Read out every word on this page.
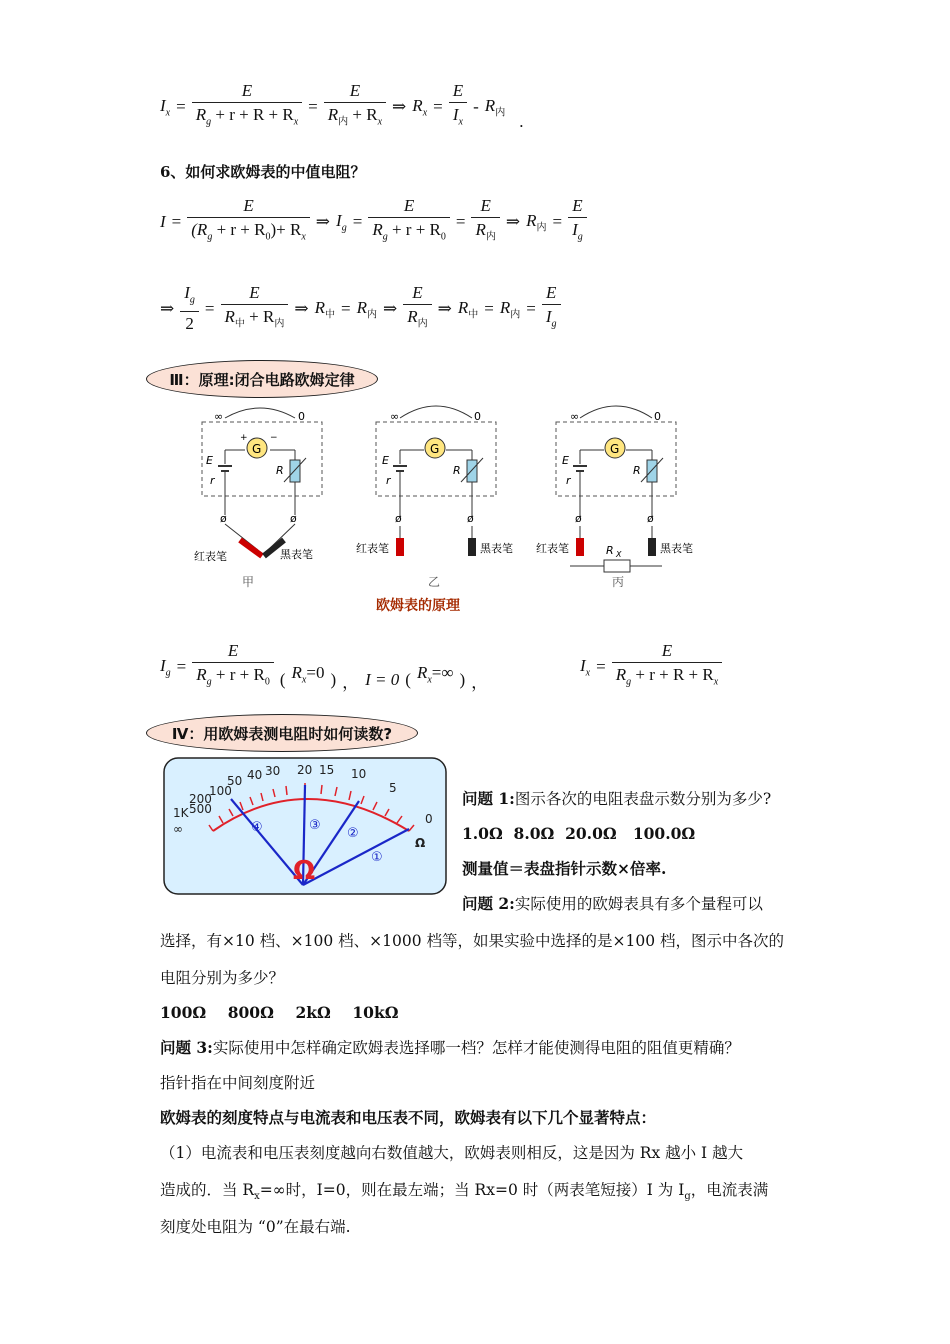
$I_x = \frac{E}{R_g + r + R + R_x} = \frac{E}{R_内 + R_x}$ ⇒ $R_x = \frac{E}{I_x} - R_内$ .
6、如何求欧姆表的中值电阻？
$I = \frac{E}{(R_g + r + R_0)+ R_x}$ ⇒ $I_g = \frac{E}{R_g + r + R_0} = \frac{E}{R_内}$ ⇒ $R_内 = \frac{E}{I_g}$
⇒ $\frac{I_g}{2} = \frac{E}{R_中 + R_内}$ ⇒ $R_中 = R_内$ ⇒ $\frac{E}{R_内}$ ⇒ $R_中 = R_内 = \frac{E}{I_g}$
Ⅲ：原理:闭合电路欧姆定律
∞	0
G
+ −
E
r
R
ø	ø
红表笔	黑表笔
甲
∞	0
G
E
r
R
ø	ø
红表笔	黑表笔
乙
∞	0
G
E
r
R
ø	ø
R X
红表笔	黑表笔
丙
欧姆表的原理
$I_g = \frac{E}{R_g + r + R_0}$ ( $R_x=0$ ) ， I = 0 ( $R_x=\infty$ ) ，
$I_x = \frac{E}{R_g + r + R + R_x}$
Ⅳ：用欧姆表测电阻时如何读数?
∞
1K 500
200
100
50 40 30 20 15 10
5
0
Ω
Ω	①
②
③
④
问题 1:图示各次的电阻表盘示数分别为多少?
1.0Ω  8.0Ω  20.0Ω   100.0Ω
测量值＝表盘指针示数×倍率.
问题 2:实际使用的欧姆表具有多个量程可以
选择，有×10 档、×100 档、×1000 档等，如果实验中选择的是×100 档，图示中各次的
电阻分别为多少？
100Ω    800Ω    2kΩ    10kΩ
问题 3:实际使用中怎样确定欧姆表选择哪一档？怎样才能使测得电阻的阻值更精确？
指针指在中间刻度附近
欧姆表的刻度特点与电流表和电压表不同，欧姆表有以下几个显著特点：
（1）电流表和电压表刻度越向右数值越大，欧姆表则相反，这是因为 Rx 越小 I 越大
造成的．当 $R_x=\infty$时，I=0，则在最左端；当 Rx=0 时（两表笔短接）I 为 $I_g$，电流表满
刻度处电阻为 “0”在最右端.
